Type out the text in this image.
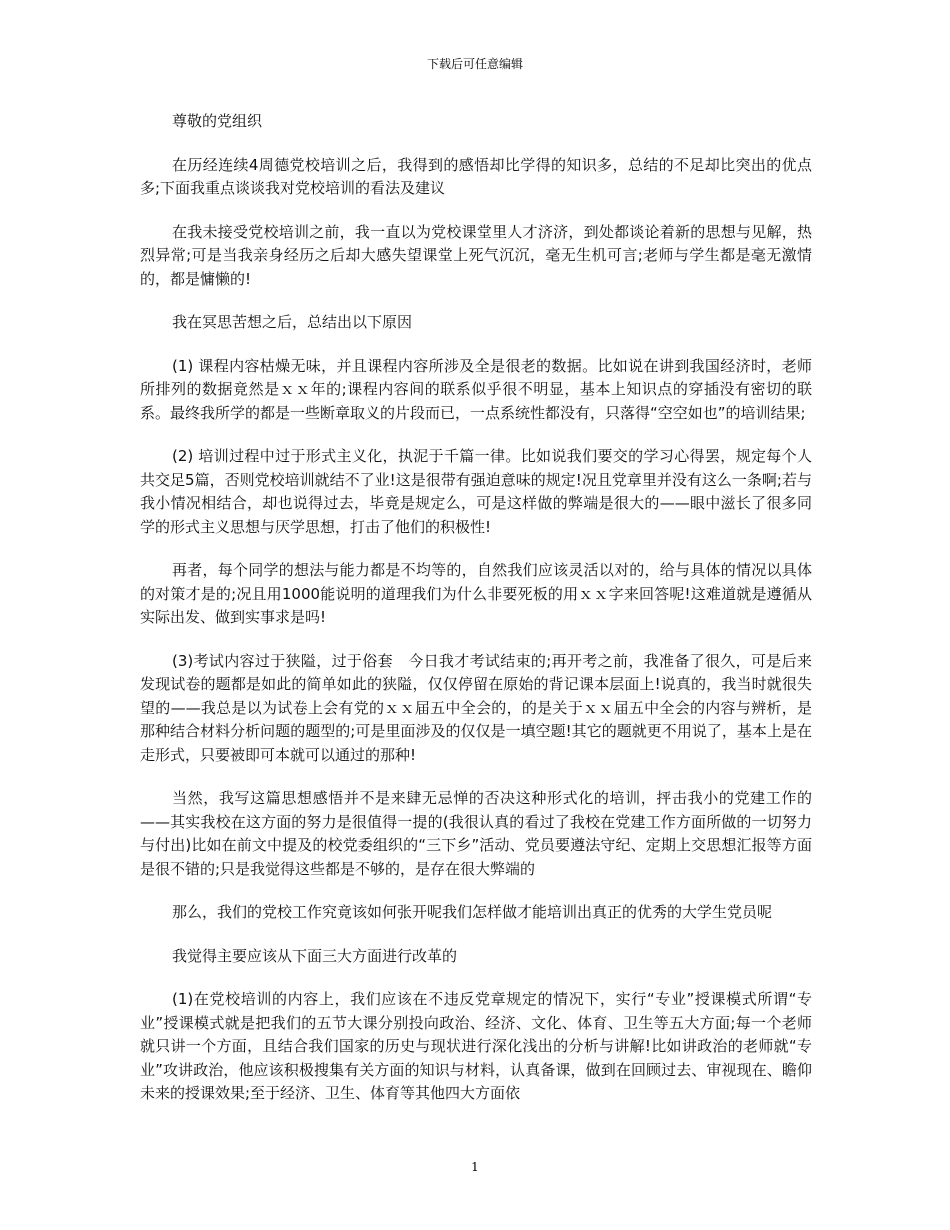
下载后可任意编辑

尊敬的党组织

在历经连续4周德党校培训之后，我得到的感悟却比学得的知识多，总结的不足却比突出的优点多;下面我重点谈谈我对党校培训的看法及建议

在我未接受党校培训之前，我一直以为党校课堂里人才济济，到处都谈论着新的思想与见解，热烈异常;可是当我亲身经历之后却大感失望课堂上死气沉沉，毫无生机可言;老师与学生都是毫无激情的，都是慵懒的!

我在冥思苦想之后，总结出以下原因

(1) 课程内容枯燥无味，并且课程内容所涉及全是很老的数据。比如说在讲到我国经济时，老师所排列的数据竟然是ｘｘ年的;课程内容间的联系似乎很不明显，基本上知识点的穿插没有密切的联系。最终我所学的都是一些断章取义的片段而已，一点系统性都没有，只落得“空空如也”的培训结果;

(2) 培训过程中过于形式主义化，执泥于千篇一律。比如说我们要交的学习心得罢，规定每个人共交足5篇，否则党校培训就结不了业!这是很带有强迫意味的规定!况且党章里并没有这么一条啊;若与我小情况相结合，却也说得过去，毕竟是规定么，可是这样做的弊端是很大的——眼中滋长了很多同学的形式主义思想与厌学思想，打击了他们的积极性!

再者，每个同学的想法与能力都是不均等的，自然我们应该灵活以对的，给与具体的情况以具体的对策才是的;况且用1000能说明的道理我们为什么非要死板的用ｘｘ字来回答呢!这难道就是遵循从实际出发、做到实事求是吗!

(3)考试内容过于狭隘，过于俗套　今日我才考试结束的;再开考之前，我准备了很久，可是后来发现试卷的题都是如此的简单如此的狭隘，仅仅停留在原始的背记课本层面上!说真的，我当时就很失望的——我总是以为试卷上会有党的ｘｘ届五中全会的，的是关于ｘｘ届五中全会的内容与辨析，是那种结合材料分析问题的题型的;可是里面涉及的仅仅是一填空题!其它的题就更不用说了，基本上是在走形式，只要被即可本就可以通过的那种!

当然，我写这篇思想感悟并不是来肆无忌惮的否决这种形式化的培训，抨击我小的党建工作的——其实我校在这方面的努力是很值得一提的(我很认真的看过了我校在党建工作方面所做的一切努力与付出)比如在前文中提及的校党委组织的“三下乡”活动、党员要遵法守纪、定期上交思想汇报等方面是很不错的;只是我觉得这些都是不够的，是存在很大弊端的

那么，我们的党校工作究竟该如何张开呢我们怎样做才能培训出真正的优秀的大学生党员呢

我觉得主要应该从下面三大方面进行改革的

(1)在党校培训的内容上，我们应该在不违反党章规定的情况下，实行“专业”授课模式所谓“专业”授课模式就是把我们的五节大课分别投向政治、经济、文化、体育、卫生等五大方面;每一个老师就只讲一个方面，且结合我们国家的历史与现状进行深化浅出的分析与讲解!比如讲政治的老师就“专业”攻讲政治，他应该积极搜集有关方面的知识与材料，认真备课，做到在回顾过去、审视现在、瞻仰未来的授课效果;至于经济、卫生、体育等其他四大方面依

1
